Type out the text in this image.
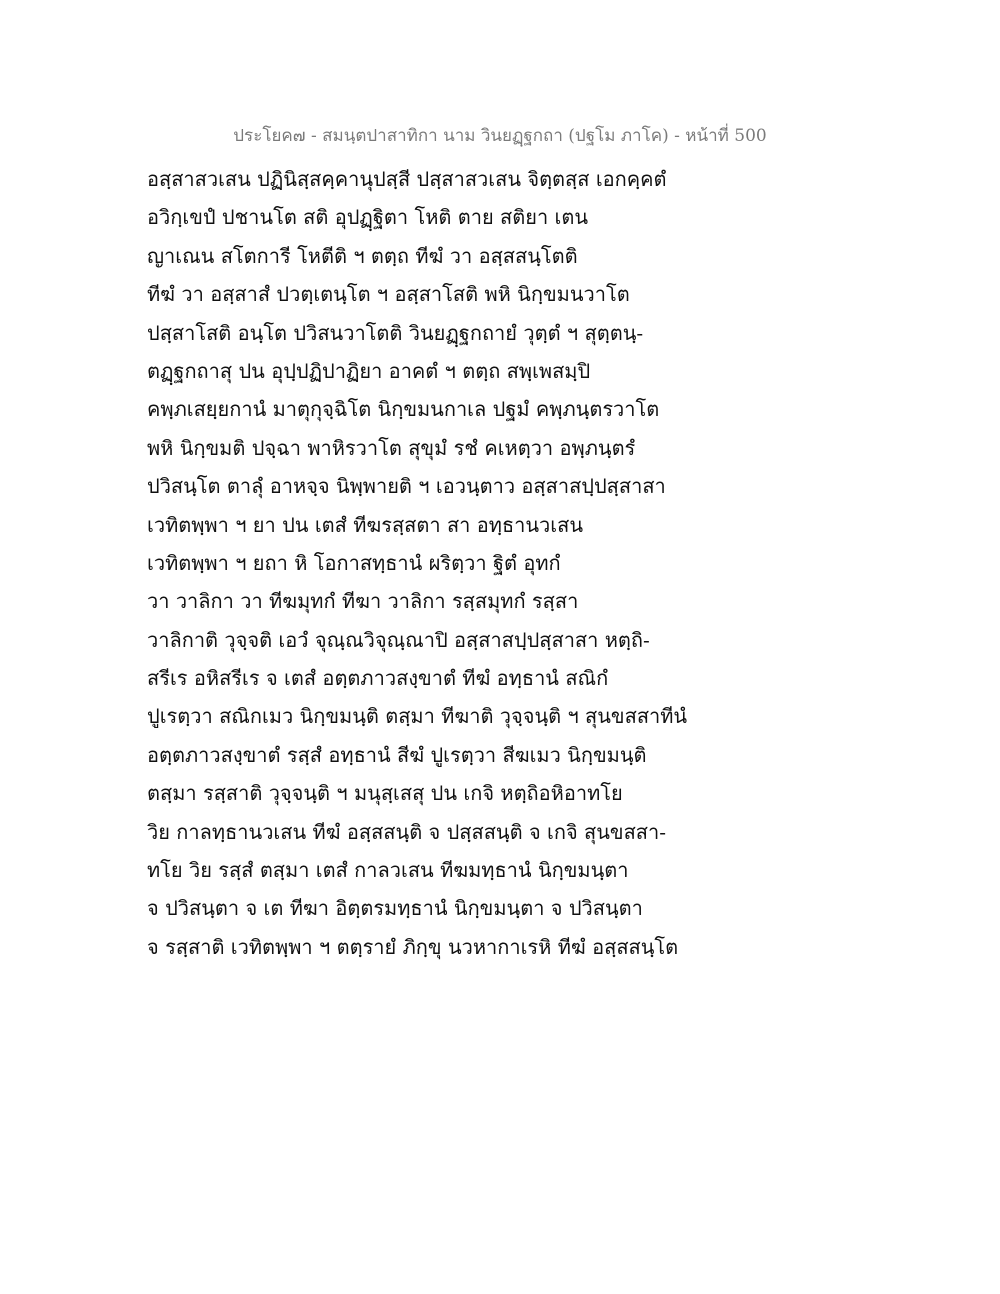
ประโยค๗ - สมนฺตปาสาทิกา นาม วินยฏฺฐกถา (ปฐโม ภาโค) - หน้าที่ 500
อสฺสาสวเสน ปฏินิสฺสคฺคานุปสฺสี ปสฺสาสวเสน จิตฺตสฺส เอกคฺคตํ
อวิกฺเขปํ ปชานโต สติ อุปฏฺฐิตา โหติ ตาย สติยา เตน
ญาเณน สโตการี โหตีติ ฯ ตตฺถ ทีฆํ วา อสฺสสนฺโตติ
ทีฆํ วา อสฺสาสํ ปวตฺเตนฺโต ฯ อสฺสาโสติ พหิ นิกฺขมนวาโต
ปสฺสาโสติ อนฺโต ปวิสนวาโตติ วินยฏฺฐกถายํ วุตฺตํ ฯ สุตฺตนฺ-
ตฏฺฐกถาสุ ปน อุปฺปฏิปาฏิยา อาคตํ ฯ ตตฺถ สพฺเพสมฺปิ
คพฺภเสยฺยกานํ มาตุกุจฺฉิโต นิกฺขมนกาเล ปฐมํ คพฺภนฺตรวาโต
พหิ นิกฺขมติ ปจฺฉา พาหิรวาโต สุขุมํ รชํ คเหตฺวา อพฺภนฺตรํ
ปวิสนฺโต ตาลุํ อาหจฺจ นิพฺพายติ ฯ เอวนฺตาว อสฺสาสปฺปสฺสาสา
เวทิตพฺพา ฯ ยา ปน เตสํ ทีฆรสฺสตา สา อทฺธานวเสน
เวทิตพฺพา ฯ ยถา หิ โอกาสทฺธานํ ผริตฺวา ฐิตํ อุทกํ
วา วาลิกา วา ทีฆมุทกํ ทีฆา วาลิกา รสฺสมุทกํ รสฺสา
วาลิกาติ วุจฺจติ เอวํ จุณฺณวิจุณฺณาปิ อสฺสาสปฺปสฺสาสา หตฺถิ-
สรีเร อหิสรีเร จ เตสํ อตฺตภาวสงฺขาตํ ทีฆํ อทฺธานํ สณิกํ
ปูเรตฺวา สณิกเมว นิกฺขมนฺติ ตสฺมา ทีฆาติ วุจฺจนฺติ ฯ สุนขสสาทีนํ
อตฺตภาวสงฺขาตํ รสฺสํ อทฺธานํ สีฆํ ปูเรตฺวา สีฆเมว นิกฺขมนฺติ
ตสฺมา รสฺสาติ วุจฺจนฺติ ฯ มนุสฺเสสุ ปน เกจิ หตฺถิอหิอาทโย
วิย กาลทฺธานวเสน ทีฆํ อสฺสสนฺติ จ ปสฺสสนฺติ จ เกจิ สุนขสสา-
ทโย วิย รสฺสํ ตสฺมา เตสํ กาลวเสน ทีฆมทฺธานํ นิกฺขมนฺตา
จ ปวิสนฺตา จ เต ทีฆา อิตฺตรมทฺธานํ นิกฺขมนฺตา จ ปวิสนฺตา
จ รสฺสาติ เวทิตพฺพา ฯ ตตฺรายํ ภิกฺขุ นวหากาเรหิ ทีฆํ อสฺสสนฺโต
